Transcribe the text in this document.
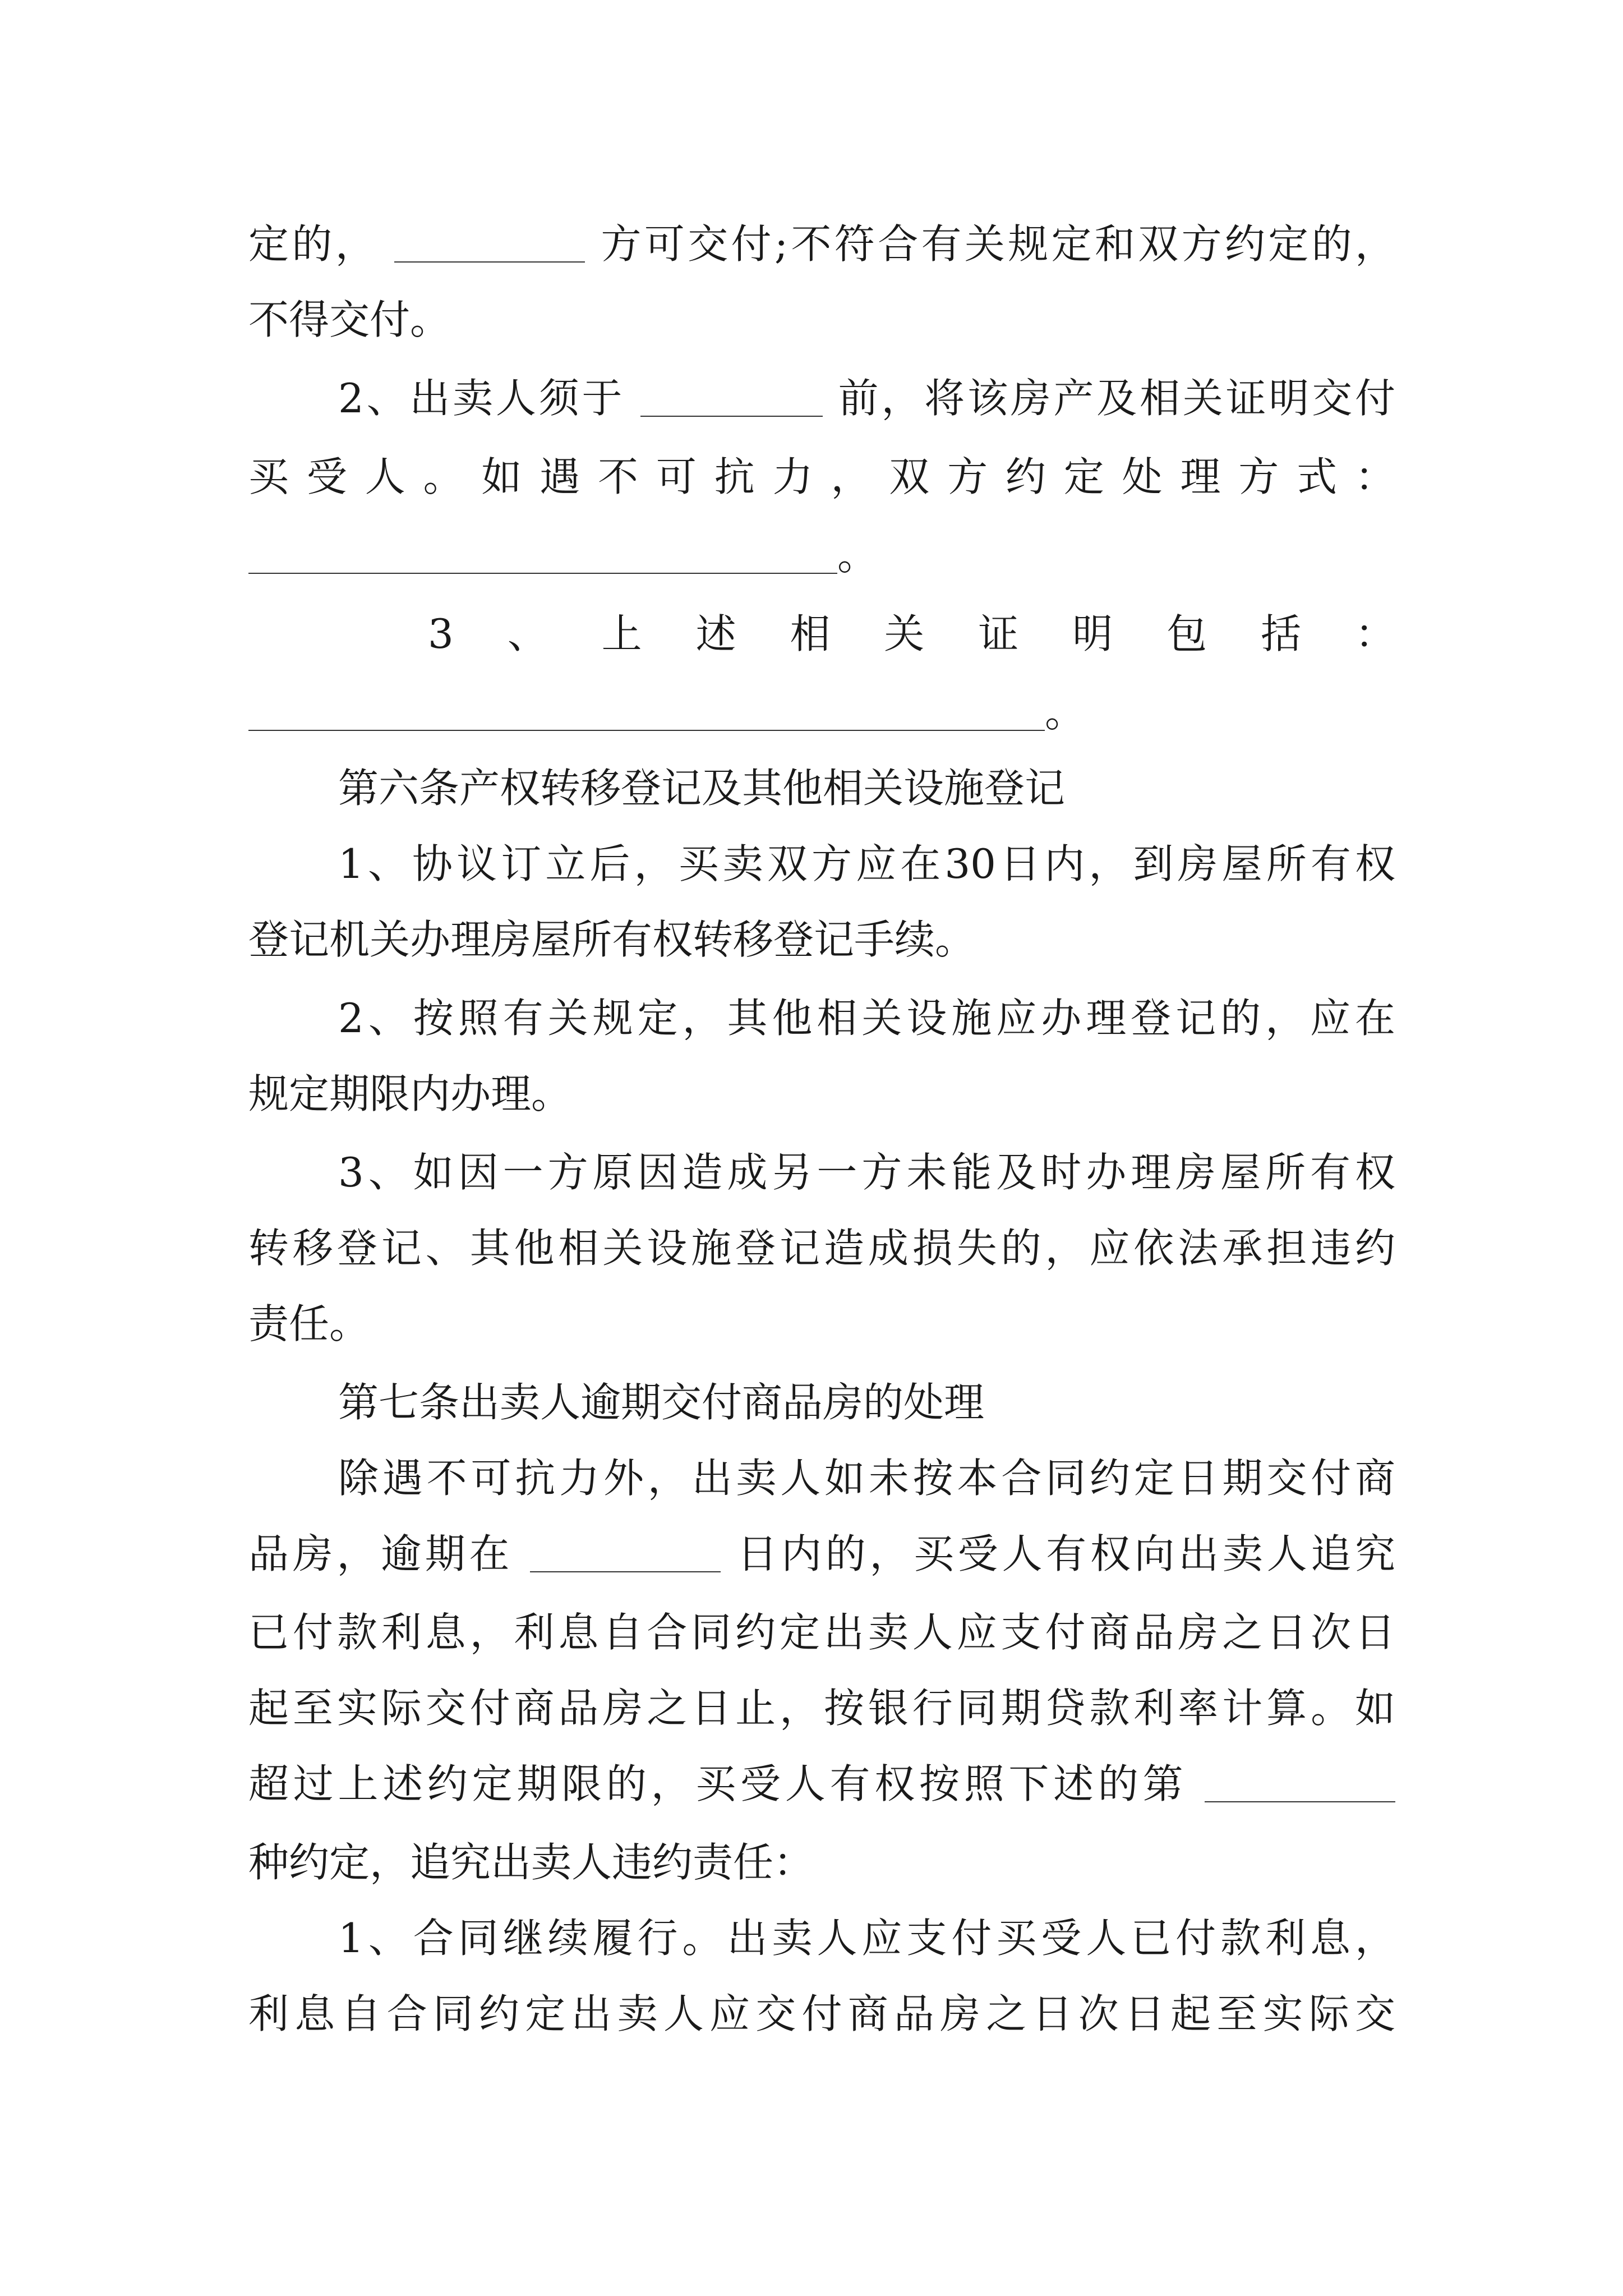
定的，	方可交付;不符合有关规定和双方约定的，
不得交付。
2、出卖人须于	前，将该房产及相关证明交付
买受人。如遇不可抗力，双方约定处理方式：
。
3、上述相关证明包括：
。
第六条产权转移登记及其他相关设施登记
1、协议订立后，买卖双方应在30日内，到房屋所有权
登记机关办理房屋所有权转移登记手续。
2、按照有关规定，其他相关设施应办理登记的，应在
规定期限内办理。
3、如因一方原因造成另一方未能及时办理房屋所有权
转移登记、其他相关设施登记造成损失的，应依法承担违约
责任。
第七条出卖人逾期交付商品房的处理
除遇不可抗力外，出卖人如未按本合同约定日期交付商
品房，逾期在	日内的，买受人有权向出卖人追究
已付款利息，利息自合同约定出卖人应支付商品房之日次日
起至实际交付商品房之日止，按银行同期贷款利率计算。如
超过上述约定期限的，买受人有权按照下述的第
种约定，追究出卖人违约责任：
1、合同继续履行。出卖人应支付买受人已付款利息，
利息自合同约定出卖人应交付商品房之日次日起至实际交
